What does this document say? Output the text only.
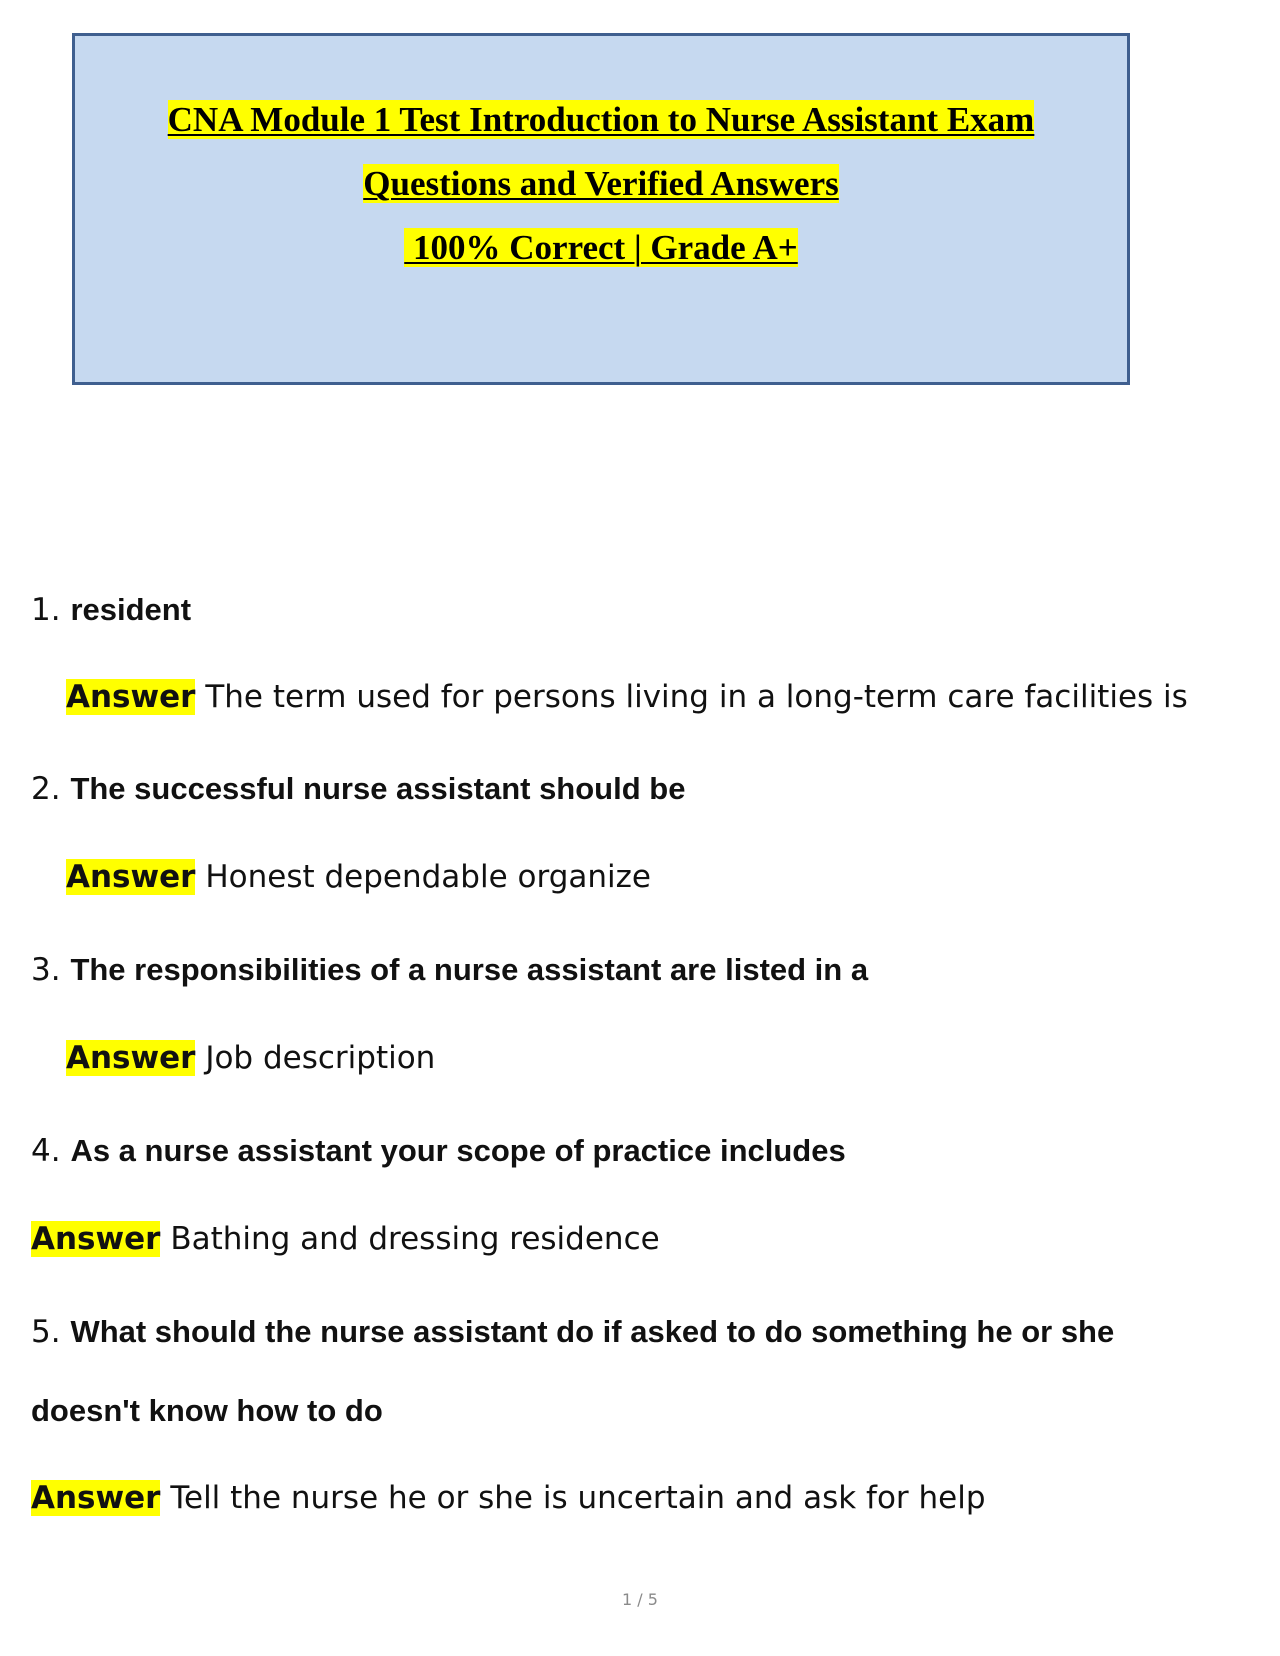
CNA Module 1 Test Introduction to Nurse Assistant Exam
Questions and Verified Answers
100% Correct | Grade A+
1. resident
Answer The term used for persons living in a long-term care facilities is
2. The successful nurse assistant should be
Answer Honest dependable organize
3. The responsibilities of a nurse assistant are listed in a
Answer Job description
4. As a nurse assistant your scope of practice includes
Answer Bathing and dressing residence
5. What should the nurse assistant do if asked to do something he or she
doesn't know how to do
Answer Tell the nurse he or she is uncertain and ask for help
1 / 5
